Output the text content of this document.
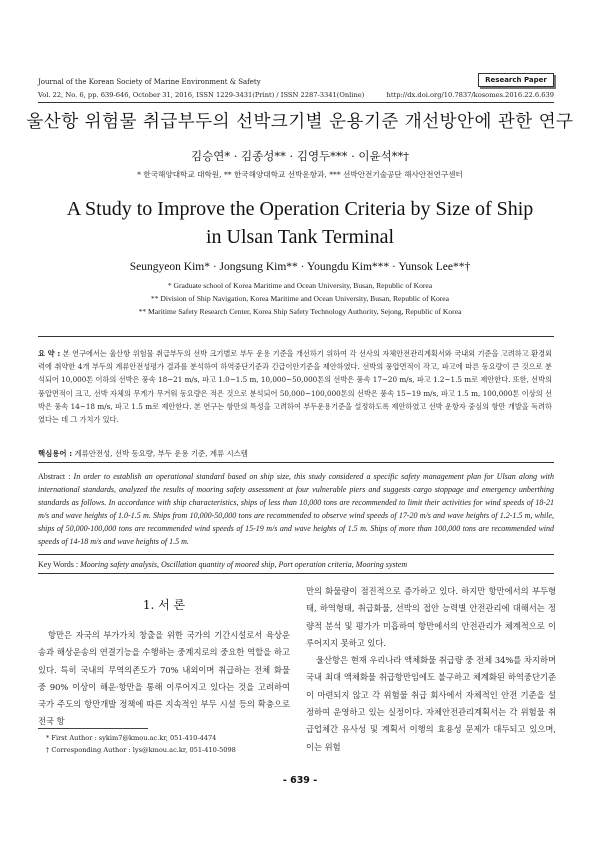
Journal of the Korean Society of Marine Environment & Safety	Research Paper
Vol. 22, No. 6, pp. 639-646, October 31, 2016, ISSN 1229-3431(Print) / ISSN 2287-3341(Online)	http://dx.doi.org/10.7837/kosomes.2016.22.6.639
울산항 위험물 취급부두의 선박크기별 운용기준 개선방안에 관한 연구
김승연* · 김종성** · 김영두*** · 이윤석**†
* 한국해양대학교 대학원, ** 한국해양대학교 선박운항과, *** 선박안전기술공단 해사안전연구센터
A Study to Improve the Operation Criteria by Size of Ship
in Ulsan Tank Terminal
Seungyeon Kim* · Jongsung Kim** · Youngdu Kim*** · Yunsok Lee**†
* Graduate school of Korea Maritime and Ocean University, Busan, Republic of Korea
** Division of Ship Navigation, Korea Maritime and Ocean University, Busan, Republic of Korea
** Maritime Safety Research Center, Korea Ship Safety Technology Authority, Sejong, Republic of Korea
요 약 : 본 연구에서는 울산항 위험물 취급부두의 선박 크기별로 부두 운용 기준을 개선하기 위하여 각 선사의 자체안전관리계획서와 국내외 기준을 고려하고 환경외력에 취약한 4개 부두의 계류안전성평가 결과를 분석하여 하역중단기준과 긴급이안기준을 제안하였다. 선박의 풍압면적이 작고, 파고에 따른 동요량이 큰 것으로 분석되어 10,000톤 이하의 선박은 풍속 18~21 m/s, 파고 1.0~1.5 m, 10,000~50,000톤의 선박은 풍속 17~20 m/s, 파고 1.2~1.5 m로 제안한다. 또한, 선박의 풍압면적이 크고, 선박 자체의 무게가 무거워 동요량은 적은 것으로 분석되어 50,000~100,000톤의 선박은 풍속 15~19 m/s, 파고 1.5 m, 100,000톤 이상의 선박은 풍속 14~18 m/s, 파고 1.5 m로 제안한다. 본 연구는 항만의 특성을 고려하여 부두운용기준을 설정하도록 제안하였고 선박 운항자 중심의 항만 개발을 독려하였다는 데 그 가치가 있다.
핵심용어 : 계류안전성, 선박 동요량, 부두 운용 기준, 계류 시스템
Abstract : In order to establish an operational standard based on ship size, this study considered a specific safety management plan for Ulsan along with international standards, analyzed the results of mooring safety assessment at four vulnerable piers and suggests cargo stoppage and emergency unberthing standards as follows. In accordance with ship characteristics, ships of less than 10,000 tons are recommended to limit their activities for wind speeds of 18-21 m/s and wave heights of 1.0-1.5 m. Ships from 10,000-50,000 tons are recommended to observe wind speeds of 17-20 m/s and wave heights of 1.2-1.5 m, while, ships of 50,000-100,000 tons are recommended wind speeds of 15-19 m/s and wave heights of 1.5 m. Ships of more than 100,000 tons are recommended wind speeds of 14-18 m/s and wave heights of 1.5 m.
Key Words : Mooring safety analysis, Oscillation quantity of moored ship, Port operation criteria, Mooring system
1. 서 론
항만은 자국의 부가가치 창출을 위한 국가의 기간시설로서 육상운송과 해상운송의 연결기능을 수행하는 중계지로의 중요한 역할을 하고 있다. 특히 국내의 무역의존도가 70% 내외이며 취급하는 전체 화물 중 90% 이상이 해운·항만을 통해 이루어지고 있다는 것을 고려하여 국가 주도의 항만개발 정책에 따른 지속적인 부두 시설 등의 확충으로 전국 항
만의 화물량이 점진적으로 증가하고 있다. 하지만 항만에서의 부두형태, 하역형태, 취급화물, 선박의 접안 능력별 안전관리에 대해서는 정량적 분석 및 평가가 미흡하여 항만에서의 안전관리가 체계적으로 이루어지지 못하고 있다.
울산항은 현재 우리나라 액체화물 취급량 중 전체 34%를 차지하며 국내 최대 액체화물 취급항만임에도 불구하고 체계화된 하역중단기준이 마련되지 않고 각 위험물 취급 회사에서 자체적인 안전 기준을 설정하여 운영하고 있는 실정이다. 자체안전관리계획서는 각 위험물 취급업체간 유사성 및 계획서 이행의 효용성 문제가 대두되고 있으며, 이는 위험
* First Author : sykim7@kmou.ac.kr, 051-410-4474
† Corresponding Author : lys@kmou.ac.kr, 051-410-5098
- 639 -
